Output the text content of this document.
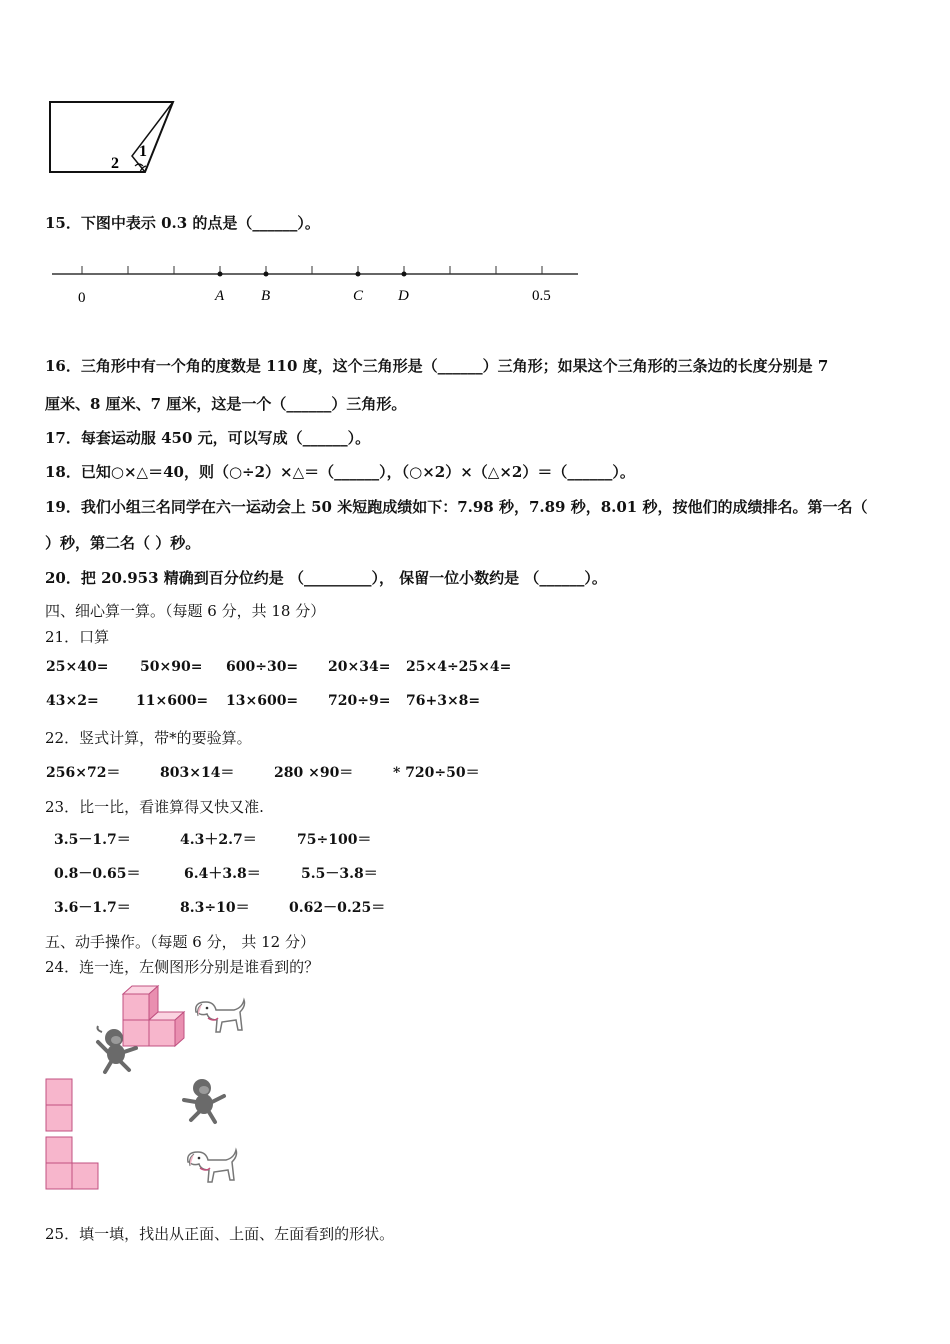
1
2
15．下图中表示 0.3 的点是（______）。
0	A B	C D	0.5
16．三角形中有一个角的度数是 110 度，这个三角形是（______）三角形；如果这个三角形的三条边的长度分别是 7
厘米、8 厘米、7 厘米，这是一个（______）三角形。
17．每套运动服 450 元，可以写成（______）。
18．已知○×△＝40，则（○÷2）×△＝（______），（○×2）×（△×2）＝（______）。
19．我们小组三名同学在六一运动会上 50 米短跑成绩如下：7.98 秒，7.89 秒，8.01 秒，按他们的成绩排名。第一名（
）秒，第二名（ ）秒。
20．把 20.953 精确到百分位约是 （_________）， 保留一位小数约是 （______）。
四、细心算一算。（每题 6 分，共 18 分）
21．口算
25×40= 50×90= 600÷30= 20×34= 25×4÷25×4=
43×2=	11×600= 13×600= 720÷9= 76+3×8=
22．竖式计算，带*的要验算。
256×72＝	803×14＝	280 ×90＝	* 720÷50＝
23．比一比，看谁算得又快又准.
3.5－1.7＝	4.3＋2.7＝	75÷100＝
0.8－0.65＝	6.4＋3.8＝	5.5－3.8＝
3.6－1.7＝	8.3÷10＝	0.62－0.25＝
五、动手操作。（每题 6 分， 共 12 分）
24．连一连，左侧图形分别是谁看到的？
25．填一填，找出从正面、上面、左面看到的形状。
